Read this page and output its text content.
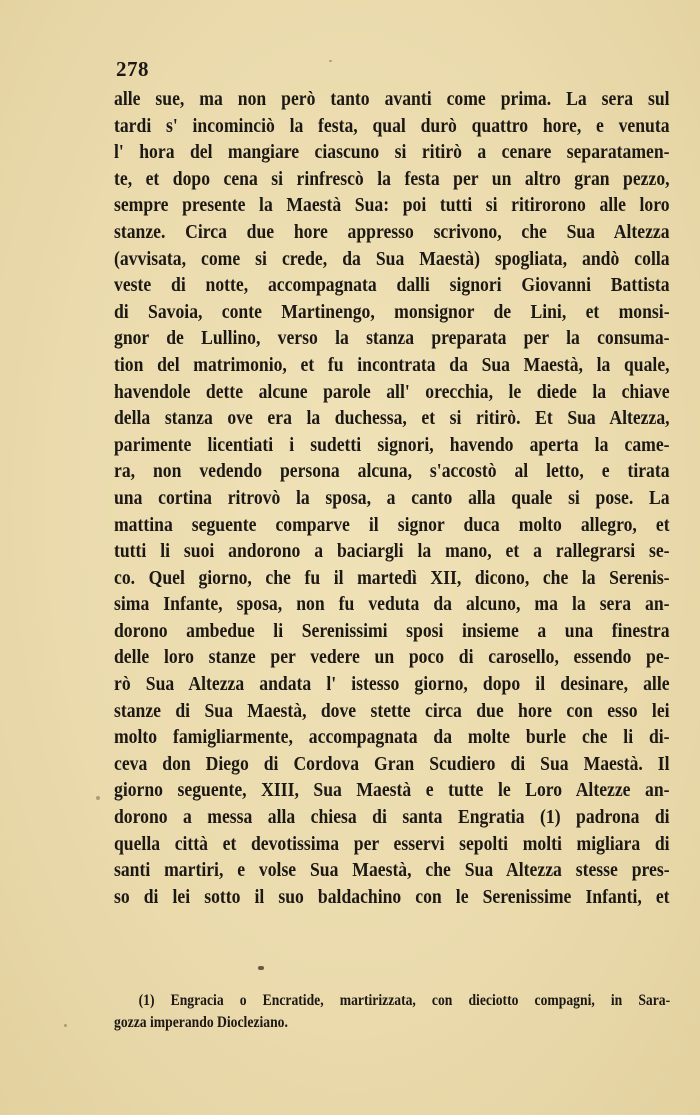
278
alle sue, ma non però tanto avanti come prima. La sera sul
tardi s' incominciò la festa, qual durò quattro hore, e venuta
l' hora del mangiare ciascuno si ritirò a cenare separatamen-
te, et dopo cena si rinfrescò la festa per un altro gran pezzo,
sempre presente la Maestà Sua: poi tutti si ritirorono alle loro
stanze. Circa due hore appresso scrivono, che Sua Altezza
(avvisata, come si crede, da Sua Maestà) spogliata, andò colla
veste di notte, accompagnata dalli signori Giovanni Battista
di Savoia, conte Martinengo, monsignor de Lini, et monsi-
gnor de Lullino, verso la stanza preparata per la consuma-
tion del matrimonio, et fu incontrata da Sua Maestà, la quale,
havendole dette alcune parole all' orecchia, le diede la chiave
della stanza ove era la duchessa, et si ritirò. Et Sua Altezza,
parimente licentiati i sudetti signori, havendo aperta la came-
ra, non vedendo persona alcuna, s'accostò al letto, e tirata
una cortina ritrovò la sposa, a canto alla quale si pose. La
mattina seguente comparve il signor duca molto allegro, et
tutti li suoi andorono a baciargli la mano, et a rallegrarsi se-
co. Quel giorno, che fu il martedì XII, dicono, che la Serenis-
sima Infante, sposa, non fu veduta da alcuno, ma la sera an-
dorono ambedue li Serenissimi sposi insieme a una finestra
delle loro stanze per vedere un poco di carosello, essendo pe-
rò Sua Altezza andata l' istesso giorno, dopo il desinare, alle
stanze di Sua Maestà, dove stette circa due hore con esso lei
molto famigliarmente, accompagnata da molte burle che li di-
ceva don Diego di Cordova Gran Scudiero di Sua Maestà. Il
giorno seguente, XIII, Sua Maestà e tutte le Loro Altezze an-
dorono a messa alla chiesa di santa Engratia (1) padrona di
quella città et devotissima per esservi sepolti molti migliara di
santi martiri, e volse Sua Maestà, che Sua Altezza stesse pres-
so di lei sotto il suo baldachino con le Serenissime Infanti, et
(1) Engracia o Encratide, martirizzata, con dieciotto compagni, in Sara-
gozza imperando Diocleziano.
